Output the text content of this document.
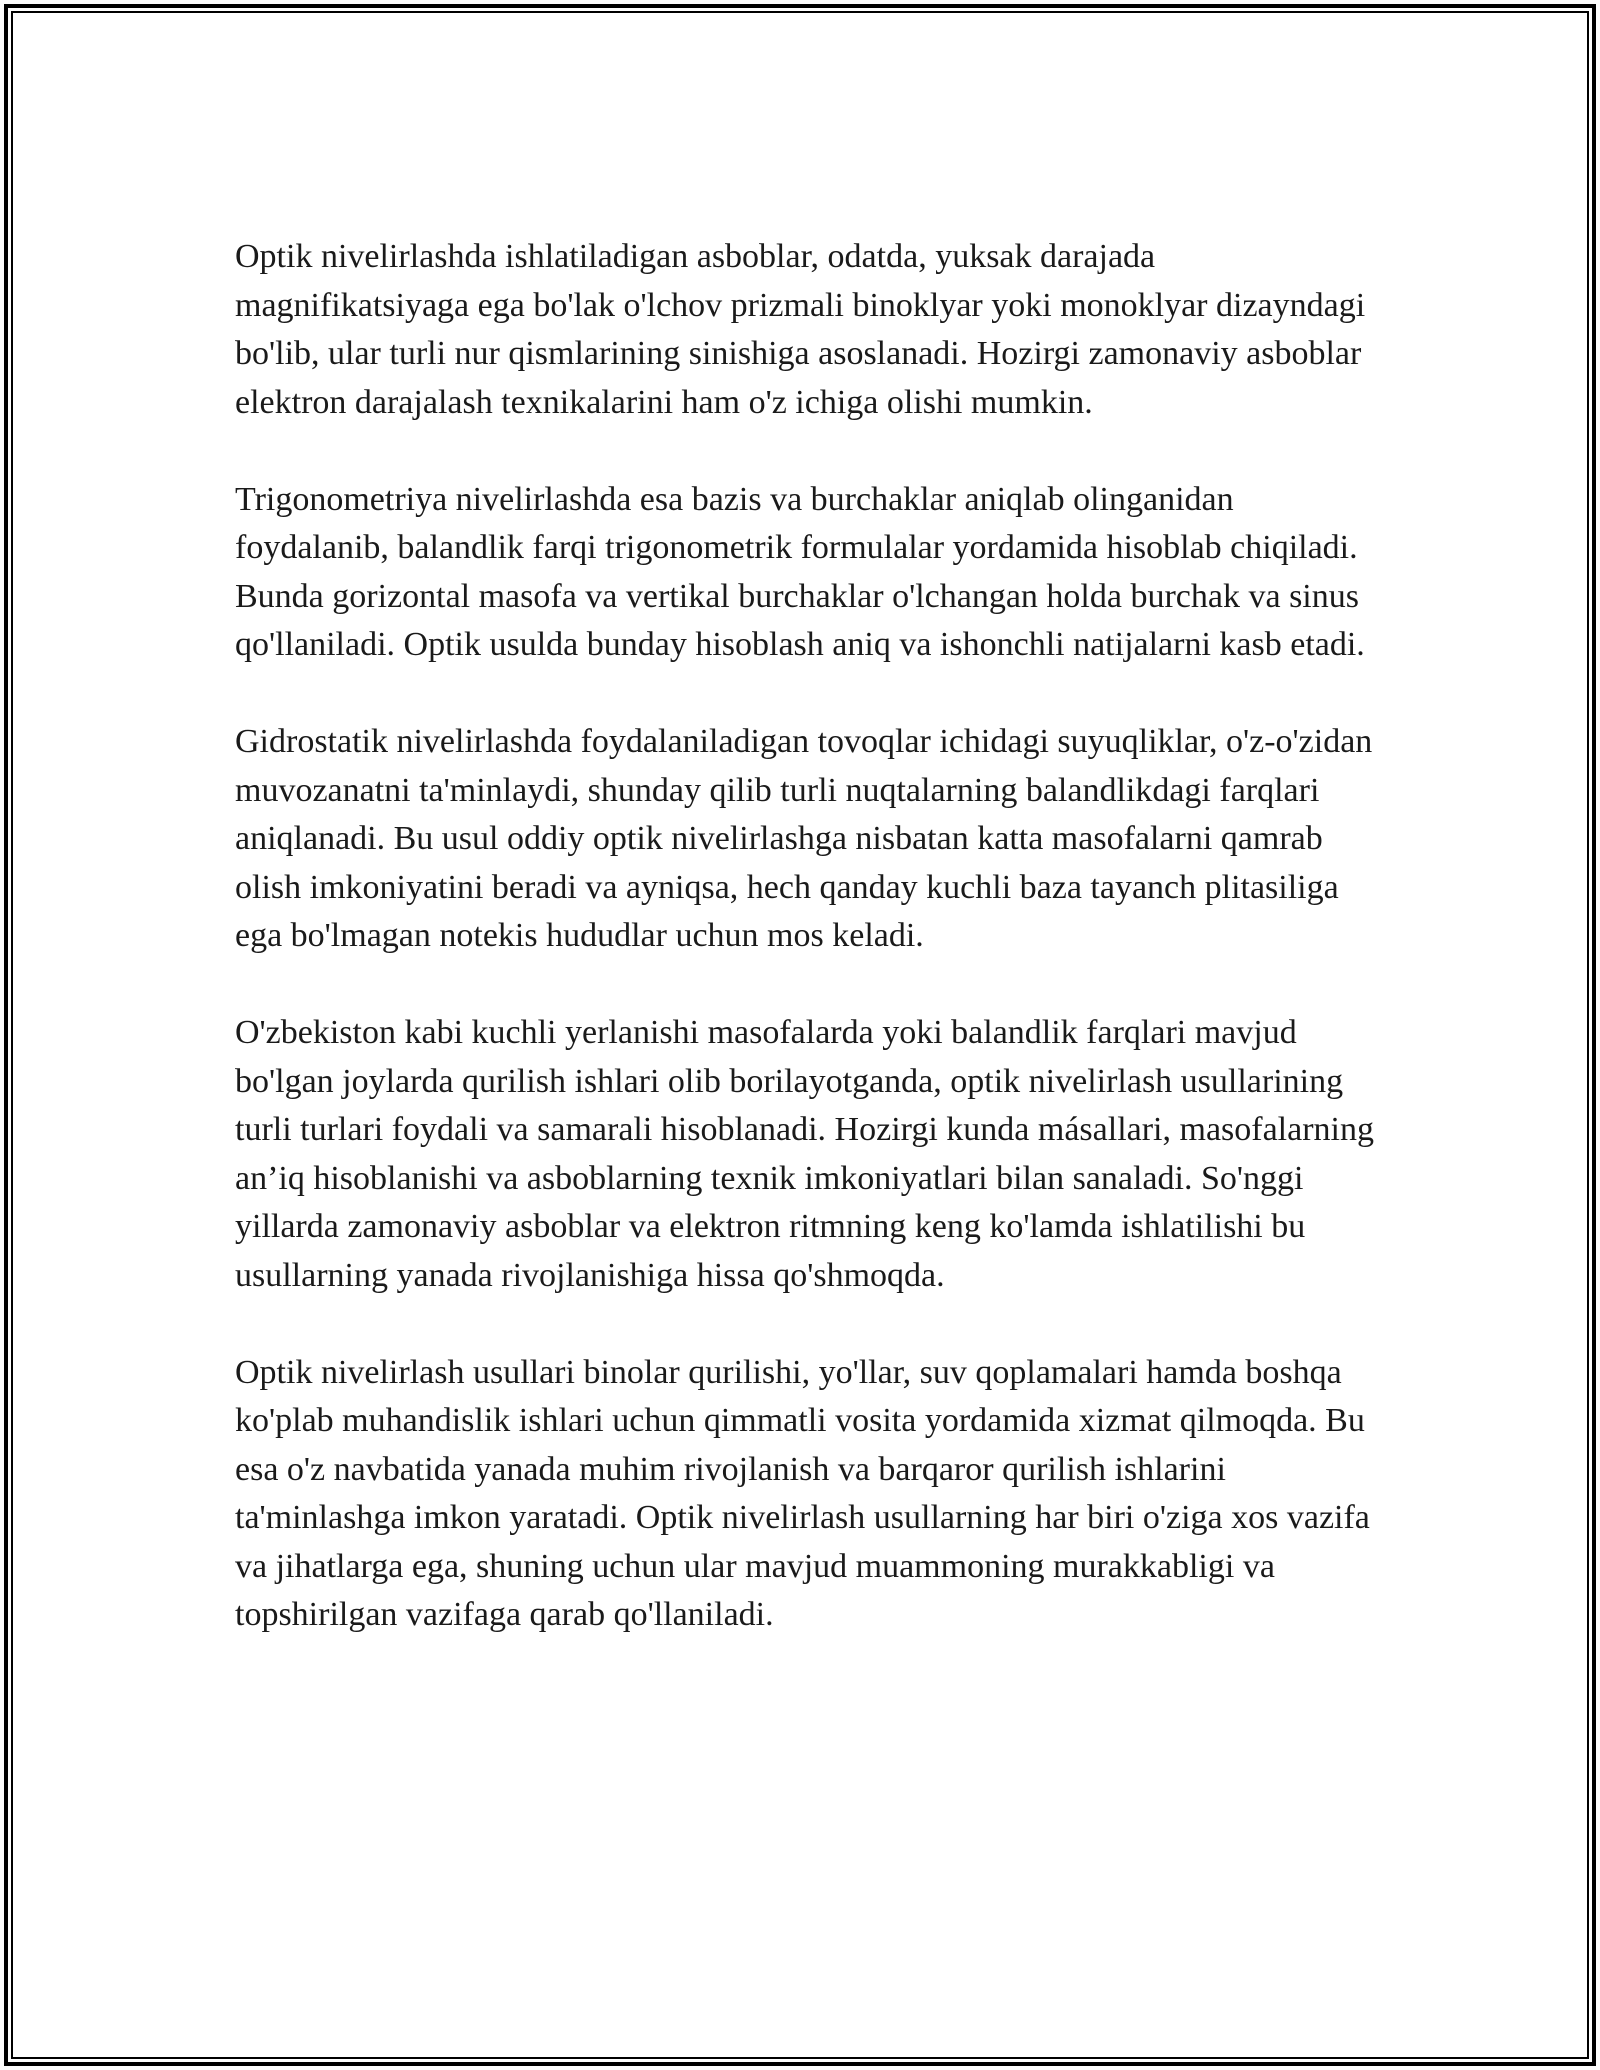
Optik nivelirlashda ishlatiladigan asboblar, odatda, yuksak darajada magnifikatsiyaga ega bo'lak o'lchov prizmali binoklyar yoki monoklyar dizayndagi bo'lib, ular turli nur qismlarining sinishiga asoslanadi. Hozirgi zamonaviy asboblar elektron darajalash texnikalarini ham o'z ichiga olishi mumkin.

Trigonometriya nivelirlashda esa bazis va burchaklar aniqlab olinganidan foydalanib, balandlik farqi trigonometrik formulalar yordamida hisoblab chiqiladi. Bunda gorizontal masofa va vertikal burchaklar o'lchangan holda burchak va sinus qo'llaniladi. Optik usulda bunday hisoblash aniq va ishonchli natijalarni kasb etadi.

Gidrostatik nivelirlashda foydalaniladigan tovoqlar ichidagi suyuqliklar, o'z-o'zidan muvozanatni ta'minlaydi, shunday qilib turli nuqtalarning balandlikdagi farqlari aniqlanadi. Bu usul oddiy optik nivelirlashga nisbatan katta masofalarni qamrab olish imkoniyatini beradi va ayniqsa, hech qanday kuchli baza tayanch plitasiliga ega bo'lmagan notekis hududlar uchun mos keladi.

O'zbekiston kabi kuchli yerlanishi masofalarda yoki balandlik farqlari mavjud bo'lgan joylarda qurilish ishlari olib borilayotganda, optik nivelirlash usullarining turli turlari foydali va samarali hisoblanadi. Hozirgi kunda másallari, masofalarning an’iq hisoblanishi va asboblarning texnik imkoniyatlari bilan sanaladi. So'nggi yillarda zamonaviy asboblar va elektron ritmning keng ko'lamda ishlatilishi bu usullarning yanada rivojlanishiga hissa qo'shmoqda.

Optik nivelirlash usullari binolar qurilishi, yo'llar, suv qoplamalari hamda boshqa ko'plab muhandislik ishlari uchun qimmatli vosita yordamida xizmat qilmoqda. Bu esa o'z navbatida yanada muhim rivojlanish va barqaror qurilish ishlarini ta'minlashga imkon yaratadi. Optik nivelirlash usullarning har biri o'ziga xos vazifa va jihatlarga ega, shuning uchun ular mavjud muammoning murakkabligi va topshirilgan vazifaga qarab qo'llaniladi.
